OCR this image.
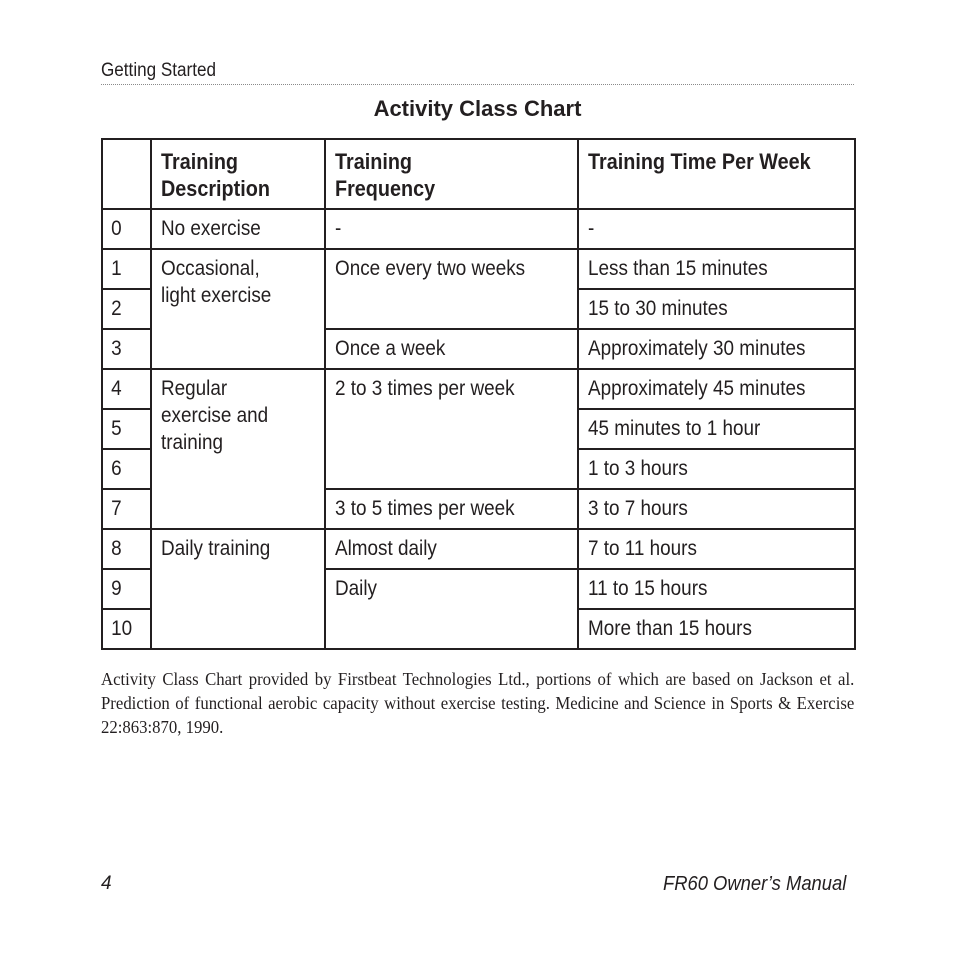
Getting Started
Activity Class Chart

	Training Description	Training Frequency	Training Time Per Week

0	No exercise	-	-

1	Occasional, light exercise	Once every two weeks	Less than 15 minutes

2			15 to 30 minutes

3		Once a week	Approximately 30 minutes

4	Regular exercise and training	2 to 3 times per week	Approximately 45 minutes

5			45 minutes to 1 hour

6			1 to 3 hours

7		3 to 5 times per week	3 to 7 hours

8	Daily training	Almost daily	7 to 11 hours

9		Daily	11 to 15 hours

10			More than 15 hours
Activity Class Chart provided by Firstbeat Technologies Ltd., portions of which are based on Jackson et al. Prediction of functional aerobic capacity without exercise testing. Medicine and Science in Sports & Exercise 22:863:870, 1990.
4	FR60 Owner’s Manual
